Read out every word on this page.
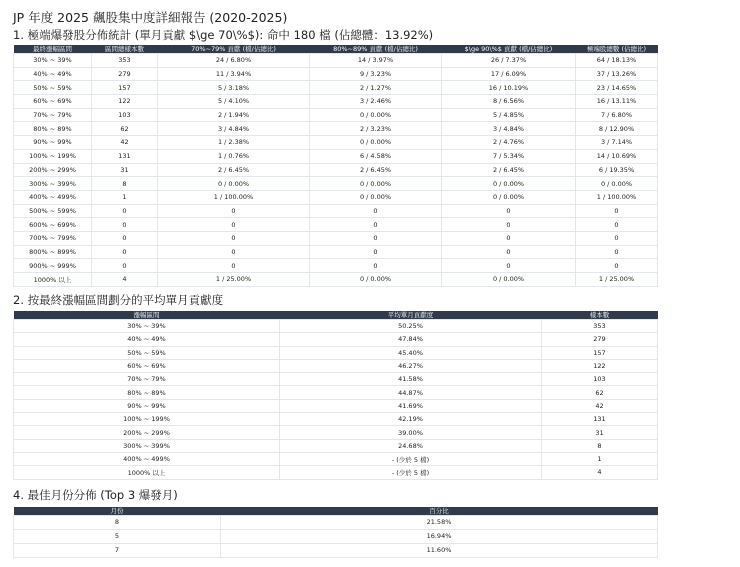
JP 年度 2025 飆股集中度詳細報告 (2020-2025)
1. 極端爆發股分佈統計 (單月貢獻 $\ge 70\%$): 命中 180 檔 (佔總體：13.92%)
最終漲幅區間	區間總樣本數	70%~79% 貢獻 (檔/佔總比)	80%~89% 貢獻 (檔/佔總比)	$\ge 90\%$ 貢獻 (檔/佔總比)	極端股總數 (佔總比)
30% ~ 39%	353	24 / 6.80%	14 / 3.97%	26 / 7.37%	64 / 18.13%
40% ~ 49%	279	11 / 3.94%	9 / 3.23%	17 / 6.09%	37 / 13.26%
50% ~ 59%	157	5 / 3.18%	2 / 1.27%	16 / 10.19%	23 / 14.65%
60% ~ 69%	122	5 / 4.10%	3 / 2.46%	8 / 6.56%	16 / 13.11%
70% ~ 79%	103	2 / 1.94%	0 / 0.00%	5 / 4.85%	7 / 6.80%
80% ~ 89%	62	3 / 4.84%	2 / 3.23%	3 / 4.84%	8 / 12.90%
90% ~ 99%	42	1 / 2.38%	0 / 0.00%	2 / 4.76%	3 / 7.14%
100% ~ 199%	131	1 / 0.76%	6 / 4.58%	7 / 5.34%	14 / 10.69%
200% ~ 299%	31	2 / 6.45%	2 / 6.45%	2 / 6.45%	6 / 19.35%
300% ~ 399%	8	0 / 0.00%	0 / 0.00%	0 / 0.00%	0 / 0.00%
400% ~ 499%	1	1 / 100.00%	0 / 0.00%	0 / 0.00%	1 / 100.00%
500% ~ 599%	0	0	0	0	0
600% ~ 699%	0	0	0	0	0
700% ~ 799%	0	0	0	0	0
800% ~ 899%	0	0	0	0	0
900% ~ 999%	0	0	0	0	0
1000% 以上	4	1 / 25.00%	0 / 0.00%	0 / 0.00%	1 / 25.00%
2. 按最終漲幅區間劃分的平均單月貢獻度
漲幅區間	平均單月貢獻度	樣本數
30% ~ 39%	50.25%	353
40% ~ 49%	47.84%	279
50% ~ 59%	45.40%	157
60% ~ 69%	46.27%	122
70% ~ 79%	41.58%	103
80% ~ 89%	44.87%	62
90% ~ 99%	41.69%	42
100% ~ 199%	42.19%	131
200% ~ 299%	39.00%	31
300% ~ 399%	24.68%	8
400% ~ 499%	- (少於 5 檔)	1
1000% 以上	- (少於 5 檔)	4
4. 最佳月份分佈 (Top 3 爆發月)
月份	百分比
8	21.58%
5	16.94%
7	11.60%
